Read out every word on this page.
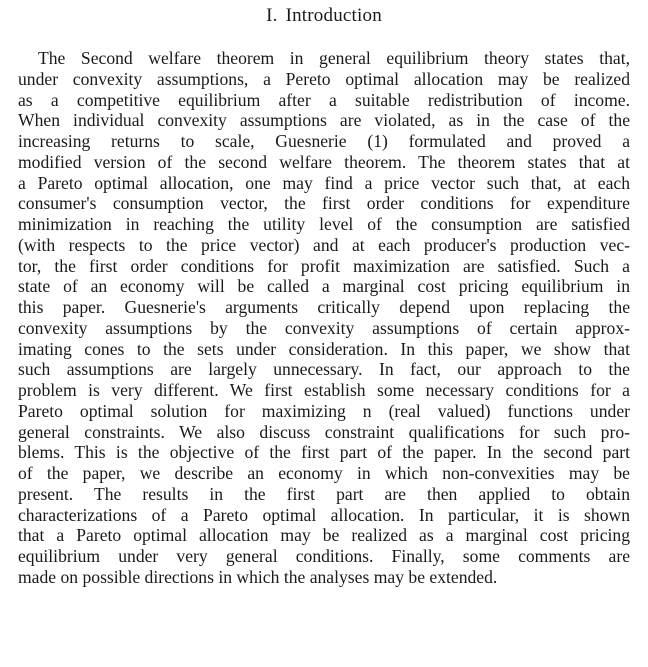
I. Introduction
The Second welfare theorem in general equilibrium theory states that,
under convexity assumptions, a Pereto optimal allocation may be realized
as a competitive equilibrium after a suitable redistribution of income.
When individual convexity assumptions are violated, as in the case of the
increasing returns to scale, Guesnerie (1) formulated and proved a
modified version of the second welfare theorem. The theorem states that at
a Pareto optimal allocation, one may find a price vector such that, at each
consumer's consumption vector, the first order conditions for expenditure
minimization in reaching the utility level of the consumption are satisfied
(with respects to the price vector) and at each producer's production vec-
tor, the first order conditions for profit maximization are satisfied. Such a
state of an economy will be called a marginal cost pricing equilibrium in
this paper. Guesnerie's arguments critically depend upon replacing the
convexity assumptions by the convexity assumptions of certain approx-
imating cones to the sets under consideration. In this paper, we show that
such assumptions are largely unnecessary. In fact, our approach to the
problem is very different. We first establish some necessary conditions for a
Pareto optimal solution for maximizing n (real valued) functions under
general constraints. We also discuss constraint qualifications for such pro-
blems. This is the objective of the first part of the paper. In the second part
of the paper, we describe an economy in which non-convexities may be
present. The results in the first part are then applied to obtain
characterizations of a Pareto optimal allocation. In particular, it is shown
that a Pareto optimal allocation may be realized as a marginal cost pricing
equilibrium under very general conditions. Finally, some comments are
made on possible directions in which the analyses may be extended.
